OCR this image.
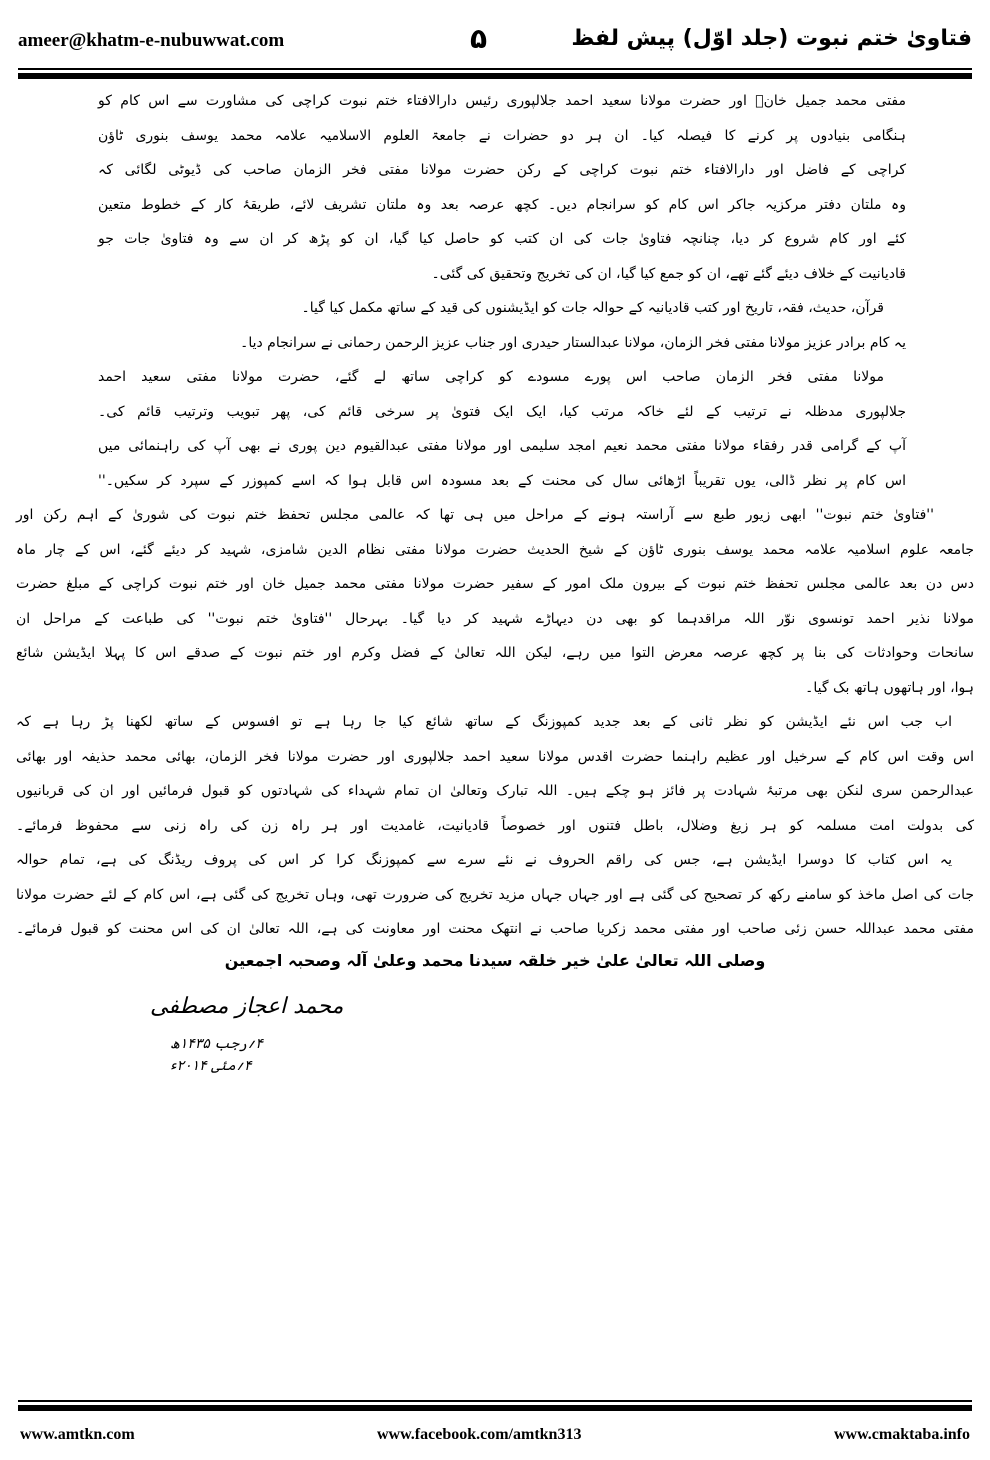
ameer@khatm-e-nubuwwat.com	۵	فتاویٰ ختم نبوت (جلد اوّل) پیش لفظ
مفتی محمد جمیل خانؒ اور حضرت مولانا سعید احمد جلالپوری رئیس دارالافتاء ختم نبوت کراچی کی مشاورت سے اس کام کو
ہنگامی بنیادوں پر کرنے کا فیصلہ کیا۔ ان ہر دو حضرات نے جامعۃ العلوم الاسلامیہ علامہ محمد یوسف بنوری ٹاؤن
کراچی کے فاضل اور دارالافتاء ختم نبوت کراچی کے رکن حضرت مولانا مفتی فخر الزمان صاحب کی ڈیوٹی لگائی کہ
وہ ملتان دفتر مرکزیہ جاکر اس کام کو سرانجام دیں۔ کچھ عرصہ بعد وہ ملتان تشریف لائے، طریقۂ کار کے خطوط متعین
کئے اور کام شروع کر دیا، چنانچہ فتاویٰ جات کی ان کتب کو حاصل کیا گیا، ان کو پڑھ کر ان سے وہ فتاویٰ جات جو
قادیانیت کے خلاف دیئے گئے تھے، ان کو جمع کیا گیا، ان کی تخریج وتحقیق کی گئی۔
قرآن، حدیث، فقہ، تاریخ اور کتب قادیانیہ کے حوالہ جات کو ایڈیشنوں کی قید کے ساتھ مکمل کیا گیا۔
یہ کام برادر عزیز مولانا مفتی فخر الزمان، مولانا عبدالستار حیدری اور جناب عزیز الرحمن رحمانی نے سرانجام دیا۔
مولانا مفتی فخر الزمان صاحب اس پورے مسودے کو کراچی ساتھ لے گئے، حضرت مولانا مفتی سعید احمد
جلالپوری مدظلہ نے ترتیب کے لئے خاکہ مرتب کیا، ایک ایک فتویٰ پر سرخی قائم کی، پھر تبویب وترتیب قائم کی۔
آپ کے گرامی قدر رفقاء مولانا مفتی محمد نعیم امجد سلیمی اور مولانا مفتی عبدالقیوم دین پوری نے بھی آپ کی راہنمائی میں
اس کام پر نظر ڈالی، یوں تقریباً اڑھائی سال کی محنت کے بعد مسودہ اس قابل ہوا کہ اسے کمپوزر کے سپرد کر سکیں۔''
''فتاویٰ ختم نبوت'' ابھی زیور طبع سے آراستہ ہونے کے مراحل میں ہی تھا کہ عالمی مجلس تحفظ ختم نبوت کی شوریٰ کے اہم رکن اور
جامعہ علوم اسلامیہ علامہ محمد یوسف بنوری ٹاؤن کے شیخ الحدیث حضرت مولانا مفتی نظام الدین شامزی، شہید کر دیئے گئے، اس کے چار ماہ
دس دن بعد عالمی مجلس تحفظ ختم نبوت کے بیرون ملک امور کے سفیر حضرت مولانا مفتی محمد جمیل خان اور ختم نبوت کراچی کے مبلغ حضرت
مولانا نذیر احمد تونسوی نوّر اللہ مراقدہما کو بھی دن دیہاڑے شہید کر دیا گیا۔ بہرحال ''فتاویٰ ختم نبوت'' کی طباعت کے مراحل ان
سانحات وحوادثات کی بنا پر کچھ عرصہ معرض التوا میں رہے، لیکن اللہ تعالیٰ کے فضل وکرم اور ختم نبوت کے صدقے اس کا پہلا ایڈیشن شائع
ہوا، اور ہاتھوں ہاتھ بک گیا۔
اب جب اس نئے ایڈیشن کو نظر ثانی کے بعد جدید کمپوزنگ کے ساتھ شائع کیا جا رہا ہے تو افسوس کے ساتھ لکھنا پڑ رہا ہے کہ
اس وقت اس کام کے سرخیل اور عظیم راہنما حضرت اقدس مولانا سعید احمد جلالپوری اور حضرت مولانا فخر الزمان، بھائی محمد حذیفہ اور بھائی
عبدالرحمن سری لنکن بھی مرتبۂ شہادت پر فائز ہو چکے ہیں۔ اللہ تبارک وتعالیٰ ان تمام شہداء کی شہادتوں کو قبول فرمائیں اور ان کی قربانیوں
کی بدولت امت مسلمہ کو ہر زیغ وضلال، باطل فتنوں اور خصوصاً قادیانیت، غامدیت اور ہر راہ زن کی راہ زنی سے محفوظ فرمائے۔
یہ اس کتاب کا دوسرا ایڈیشن ہے، جس کی راقم الحروف نے نئے سرے سے کمپوزنگ کرا کر اس کی پروف ریڈنگ کی ہے، تمام حوالہ
جات کی اصل ماخذ کو سامنے رکھ کر تصحیح کی گئی ہے اور جہاں جہاں مزید تخریج کی ضرورت تھی، وہاں تخریج کی گئی ہے، اس کام کے لئے حضرت مولانا
مفتی محمد عبداللہ حسن زئی صاحب اور مفتی محمد زکریا صاحب نے انتھک محنت اور معاونت کی ہے، اللہ تعالیٰ ان کی اس محنت کو قبول فرمائے۔
وصلی اللہ تعالیٰ علیٰ خیر خلقہ سیدنا محمد وعلیٰ آلہ وصحبہ اجمعین
محمد اعجاز مصطفی
۴؍رجب ۱۴۳۵ھ
۴؍مئی ۲۰۱۴ء
www.amtkn.com	www.facebook.com/amtkn313	www.cmaktaba.info
